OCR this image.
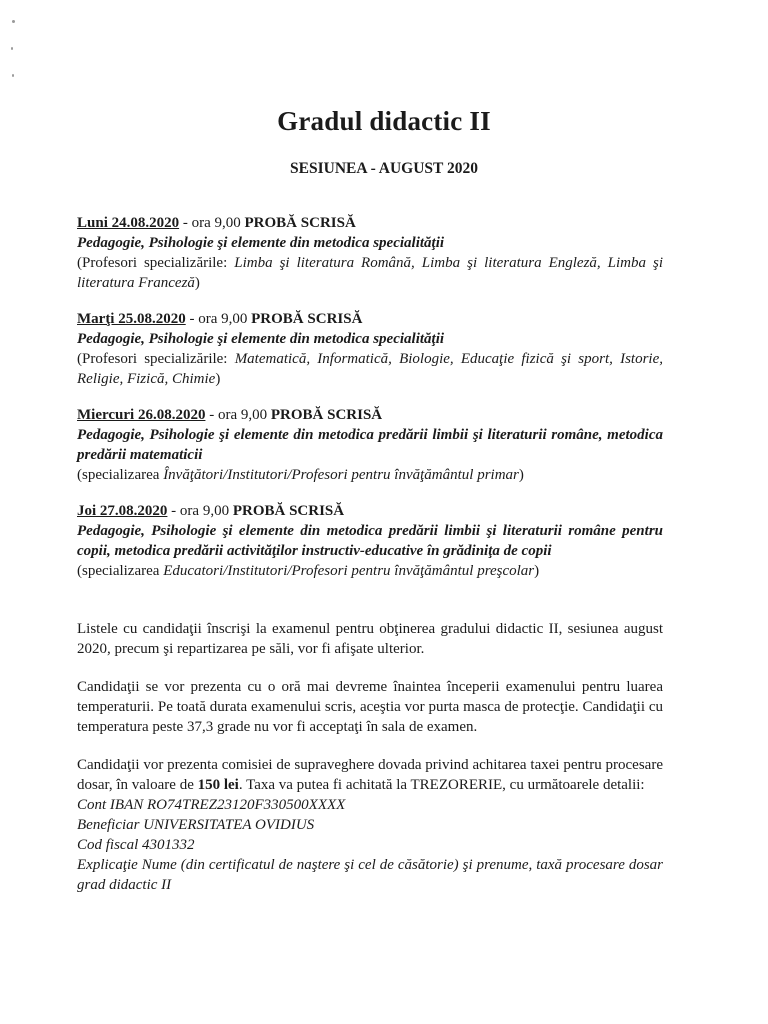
Gradul didactic II
SESIUNEA - AUGUST 2020
Luni 24.08.2020 - ora 9,00 PROBĂ SCRISĂ
Pedagogie, Psihologie şi elemente din metodica specialităţii
(Profesori specializările: Limba şi literatura Română, Limba şi literatura Engleză, Limba şi literatura Franceză)
Marţi 25.08.2020 - ora 9,00 PROBĂ SCRISĂ
Pedagogie, Psihologie şi elemente din metodica specialităţii
(Profesori specializările: Matematică, Informatică, Biologie, Educaţie fizică şi sport, Istorie, Religie, Fizică, Chimie)
Miercuri 26.08.2020 - ora 9,00 PROBĂ SCRISĂ
Pedagogie, Psihologie şi elemente din metodica predării limbii şi literaturii române, metodica predării matematicii
(specializarea Învăţători/Institutori/Profesori pentru învăţământul primar)
Joi 27.08.2020 - ora 9,00 PROBĂ SCRISĂ
Pedagogie, Psihologie şi elemente din metodica predării limbii şi literaturii române pentru copii, metodica predării activităţilor instructiv-educative în grădiniţa de copii
(specializarea Educatori/Institutori/Profesori pentru învăţământul preşcolar)
Listele cu candidaţii înscrişi la examenul pentru obţinerea gradului didactic II, sesiunea august 2020, precum şi repartizarea pe săli, vor fi afişate ulterior.
Candidaţii se vor prezenta cu o oră mai devreme înaintea începerii examenului pentru luarea temperaturii. Pe toată durata examenului scris, aceştia vor purta masca de protecţie. Candidaţii cu temperatura peste 37,3 grade nu vor fi acceptaţi în sala de examen.
Candidaţii vor prezenta comisiei de supraveghere dovada privind achitarea taxei pentru procesare dosar, în valoare de 150 lei. Taxa va putea fi achitată la TREZORERIE, cu următoarele detalii:
Cont IBAN RO74TREZ23120F330500XXXX
Beneficiar UNIVERSITATEA OVIDIUS
Cod fiscal 4301332
Explicaţie Nume (din certificatul de naştere şi cel de căsătorie) şi prenume, taxă procesare dosar grad didactic II
